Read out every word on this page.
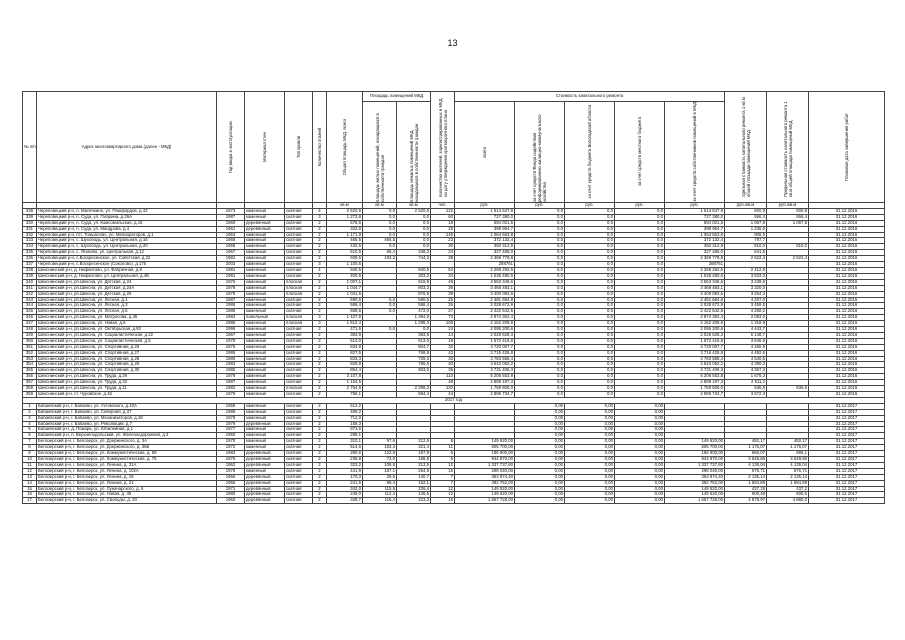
13
№ п/п	Адрес многоквартирного дома (далее - МКД)	Год ввода в эксплуатацию	Материал стен	Тип кровли	Количество этажей	Общая площадь МКД, всего	Площадь помещений МКД		Количество жителей, зарегистрированных в МКД на дату утверждения краткосрочного плана	Стоимость капитального ремонта					Удельная стоимость капитального ремонта 1 кв.м общей площади помещений МКД	Предельная стоимость капитального ремонта 1 кв.м общей площади помещений МКД	Плановая дата завершения работ

							площадь жилых помещений, находящихся в собственности граждан	площадь нежилых помещений МКД, находящихся в собственности граждан		всего	за счет средств Фонда содействия реформированию жилищно-коммунального хозяйства	за счет средств бюджета Вологодской области	за счет средств местного бюджета	за счет средств собственников помещений в МКД			

						кв.м	кв.м	кв.м	чел.	руб.	руб.	руб.	руб.	руб.	руб./кв.м	руб./кв.м	
338	Череповецкий р-н, п. Малечкино, ул. Пяшфордов, д.43	1973	каменный	скатная	4	2 520,6	0,0	2 520,6	122	1 514 647,9	0,0	0,0	0,0	1 514 647,9	600,9	600,9	31.12.2016
339	Череповецкий р-н, п. Суда, ул. Гагарина, д.26А	1987	каменный	скатная	3	1 273,8	0,0	0,0	60	727 380,0	0,0	0,0	0,0	727 380,0	566,4	566,4	31.12.2016
330	Череповецкий р-н, п. Суда, ул. Комсомольская, д.15	1960	деревянный	скатная	2	578,6	0,0	0,0	18	594 021,5	0,0	0,0	0,0	594 021,5	1 067,8	1 067,8	31.12.2016
331	Череповецкий р-н, п. Суда, ул. Мандрова, д.4	1961	деревянный	скатная	2	322,8	0,0	0,0	25	398 964,7	0,0	0,0	0,0	398 964,7	1 236,0		31.12.2016
332	Череповецкий р-н, пгт. Тоншалово, ул. Мелиораторов, д.1	1953	каменный	скатная	2	1 171,9	0,0	0,0	145	1 064 663,8	0,0	0,0	0,0	1 064 663,8	908,5		31.12.2016
333	Череповецкий р-н, с. Шухободь, ул. Центральная, д.16	1968	каменный	скатная	2	466,5	466,5	0,0	23	372 132,4	0,0	0,0	0,0	372 132,4	797,7		31.12.2016
334	Череповецкий р-н, с. Шухободь, ул. Центральная, д.20	1968	каменный	скатная	2	432,5	0,0	0,0	30	350 312,9	0,0	0,0	0,0	350 312,9	810,0	810,0	31.12.2016
335	Череповецкий р-н, с. Яганово, ул. Центральная, д.12	1967	каменный	скатная	2	510,5	65,4	348,2	24	327 486,0	0,0	0,0	0,0	327 486,0	641,5		31.12.2016
336	Череповецкий р-н, с.Воскресенское, ул. Советская, д.22	1981	каменный	скатная	2	939,5	193,2	744,3	38	2 369 779,8	0,0	0,0	0,0	2 369 779,8	2 522,4	2 522,4	31.12.2016
337	Череповецкий р-н, с.Воскресенское (Соколово), д.175	2003	каменный	скатная	3	1 100,5				288761	0,0	0,0	0,0	288761			31.12.2016
338	Шекснинский р-н, д. Нифантово, ул. Фабричная, д.8	1981	каменный	скатная	4	940,5		940,5	54	2 269 292,6	0,0	0,0	0,0	2 269 292,6	2 412,9		31.12.2016
339	Шекснинский р-н, д. Нифантово, ул. Центральная, д.4Б	1991	каменный	скатная	2	400,5		303,2	34	1 535 480,6	0,0	0,0	0,0	1 535 480,6	3 833,0		31.12.2016
340	Шекснинский р-н, рп.Шексна, ул. Детская, д.24	1976	каменный	плоская	2	1 007,1		619,9	48	3 563 346,6	0,0	0,0	0,0	3 563 346,6	3 438,8		31.12.2016
341	Шекснинский р-н, рп.Шексна, ул. Детская, д.24А	1978	каменный	плоская	2	1 044,7		803,3	36	3 468 483,1	0,0	0,0	0,0	3 468 483,1	3 320,0		31.12.2016
342	Шекснинский р-н, рп.Шексна, ул. Детская, д.26	1979	каменный	плоская	2	1 041,6		876,9	39	3 400 083,6	0,0	0,0	0,0	3 400 083,6	3 264,3		31.12.2016
343	Шекснинский р-н, рп.Шексна, ул. Лесная, д.1	1987	каменный	скатная	2	590,6	0,0	590,6	26	2 481 684,8	0,0	0,0	0,0	2 481 684,8	4 207,0		31.12.2016
344	Шекснинский р-н, рп.Шексна, ул. Лесная, д.3	1986	каменный	скатная	2	586,4	0,0	586,4	26	2 028 672,9	0,0	0,0	0,0	2 028 672,9	3 459,5		31.12.2016
345	Шекснинский р-н, рп.Шексна, ул. Лесная, д.5	1988	каменный	скатная	2	568,6	0,0	472,0	27	2 422 542,5	0,0	0,0	0,0	2 422 542,5	4 258,2		31.12.2016
346	Шекснинский р-н, рп.Шексна, ул. Матросова, д.45	1984	панельный	плоская	3	1 427,9		1 384,8	73	2 974 362,4	0,0	0,0	0,0	2 974 362,4	2 083,0		31.12.2016
347	Шекснинский р-н, рп.Шексна, ул. Новая, д.6	1986	каменный	плоская	3	1 612,4		1 298,3	108	2 162 209,9	0,0	0,0	0,0	2 162 209,9	1 318,9		31.12.2016
348	Шекснинский р-н, рп.Шексна, ул. Октябрьская, д.93	1996	каменный	скатная	2	471,6	0,0	0,0	24	2 095 200,6	0,0	0,0	0,0	2 095 200,6	4 443,7		31.12.2016
349	Шекснинский р-н, рп.Шексна, ул. Социалистическая, д.22	1967	каменный	скатная	2	393,9		393,9	14	2 028 628,3	0,0	0,0	0,0	2 028 628,3	5 148,7		31.12.2016
350	Шекснинский р-н, рп.Шексна, ул. Социалистическая, д.5	1979	каменный	скатная	2	513,0		513,0	19	1 672 416,8	0,0	0,0	0,0	1 672 416,8	3 646,9		31.12.2016
351	Шекснинский р-н, рп.Шексна, ул. Спортивная, д.26	1976	каменный	скатная	2	834,8		804,7	32	3 720 007,7	0,0	0,0	0,0	3 720 007,7	4 455,9		31.12.2016
352	Шекснинский р-н, рп.Шексна, ул. Спортивная, д.27	1986	каменный	скатная	2	827,5		768,8	43	3 716 426,8	0,0	0,0	0,0	3 716 426,8	4 492,6		31.12.2016
353	Шекснинский р-н, рп.Шексна, ул. Спортивная, д.28	1980	каменный	скатная	2	833,3		729,3	33	3 783 558,4	0,0	0,0	0,0	3 783 558,4	4 540,5		31.12.2016
354	Шекснинский р-н, рп.Шексна, ул. Спортивная, д.29	1983	каменный	скатная	2	829,8		785,5	40	3 643 052,2	0,0	0,0	0,0	3 643 052,2	4 390,3		31.12.2016
355	Шекснинский р-н, рп.Шексна, ул. Спортивная, д.30	1985	каменный	скатная	2	854,4		803,0	36	3 731 406,3	0,0	0,0	0,0	3 731 406,3	4 367,3		31.12.2016
356	Шекснинский р-н, рп.Шексна, ул. Труда, д.29	1979	каменный	скатная	2	3 107,8			110	5 206 553,8	0,0	0,0	0,0	5 206 553,8	1 675,3		31.12.2016
357	Шекснинский р-н, рп.Шексна, ул. Труда, д.32	1987	каменный	скатная	2	1 154,5			48	2 899 197,3	0,0	0,0	0,0	2 899 197,3	2 511,2		31.12.2016
358	Шекснинский р-н, рп.Шексна, ул. Труда, д.11	1982	каменный	плоская	2	2 764,6		2 296,2	132	1 759 606,0	0,0	0,0	0,0	1 759 606,0	636,5	636,5	31.12.2016
359	Шекснинский р-н, ст. Чуровское, д.15	1979	каменный	скатная	2	756,1		684,4	44	2 896 734,7	0,0	0,0	0,0	2 896 734,7	3 672,3		31.12.2016
2017 год																	
1	Бабаевский р-н, г. Бабаево, ул. Ухтомского, д.10А	1958	каменный	скатная	2	512,2					0,00	0,00	0,00				31.12.2017
2	Бабаевский р-н, г. Бабаево, ул. Северная, д.37	1989	каменный	скатная	2	489,2					0,00	0,00	0,00				31.12.2017
3	Бабаевский р-н, г. Бабаево, ул. Механизаторов, д.18	1979	каменный	скатная	2	712,0					0,00	0,00	0,00				31.12.2017
4	Бабаевский р-н, г. Бабаево, ул. Революции, д.7	1979	деревянный	скатная	2	159,3					0,00	0,00	0,00				31.12.2017
5	Бабаевский р-н, д. Пожара, ул. Юбилейная, д.1	1977	каменный	скатная	2	973,6					0,00	0,00	0,00				31.12.2017
6	Бабаевский р-н, п. Верхнеподольский, ул. Железнодорожная, д.3	1950	каменный	скатная	2	298,1					0,00	0,00	0,00				31.12.2017
7	Белозерский р-н, г. Белозерск, ул. Дзержинского, д. 3А	1970	каменный	скатная	2	310,1	97,6	212,5	8	149 520,00	0,00	0,00	0,00	149 520,00	482,17	482,17	31.12.2017
8	Белозерский р-н, г. Белозерск, ул. Дзержинского, д. 36Б	1972	каменный	скатная	2	514,6	183,4	321,4	11	605 700,00	0,00	0,00	0,00	605 700,00	1 176,07	1 176,07	31.12.2017
9	Белозерский р-н, г. Белозерск, ул. Коммунистическая, д. 59	1983	деревянный	скатная	2	280,6	122,8	157,8	6	186 900,00	0,00	0,00	0,00	186 900,00	666,07	666,1	31.12.2017
10	Белозерский р-н, г. Белозерск, ул. Коммунистическая, д. 75	1976	деревянный	скатная	2	236,8	72,0	168,8	6	944 870,00	0,00	0,00	0,00	944 870,00	3 649,86	3 649,86	31.12.2017
11	Белозерский р-н, г. Белозерск, ул. Ленина, д. 31А	1962	деревянный	скатная	2	323,2	109,8	213,5	12	1 337 737,60	0,00	0,00	0,00	1 337 737,60	4 139,04	4 139,04	31.12.2017
12	Белозерский р-н, г. Белозерск, ул. Ленина, д. 102А	1978	каменный	скатная	2	441,9	187,1	254,8	16	298 040,00	0,00	0,00	0,00	298 040,00	676,71	676,71	31.12.2017
13	Белозерский р-н, г. Белозерск, ул. Ленина, д. 19	1966	деревянный	скатная	2	170,3	29,6	140,7	7	363 874,40	0,00	0,00	0,00	363 874,40	2 135,14	2 135,14	31.12.2017
14	Белозерский р-н, г. Белозерск, ул. Ленина, д. 21	1965	деревянный	скатная	2	241,5	88,4	152,1	7	382 752,00	0,00	0,00	0,00	382 752,00	1 584,89	1 584,89	31.12.2017
15	Белозерский р-н, г. Белозерск, ул. Луначарского, д. 6	1971	деревянный	скатная	2	342,0	115,5	226,4	12	149 520,00	0,00	0,00	0,00	149 520,00	437,19	437,2	31.12.2017
16	Белозерский р-н, г. Белозерск, ул. Новая, д. 35	1980	деревянный	скатная	2	249,0	112,4	136,5	12	149 520,00	0,00	0,00	0,00	149 520,00	600,48	600,5	31.12.2017
17	Белозерский р-н, г. Белозерск, ул. Свободы, д. 20	1960	деревянный	скатная	2	339,7	116,4	223,3	16	1 657 728,00	0,00	0,00	0,00	1 657 728,00	4 879,97	4 880,0	31.12.2017
